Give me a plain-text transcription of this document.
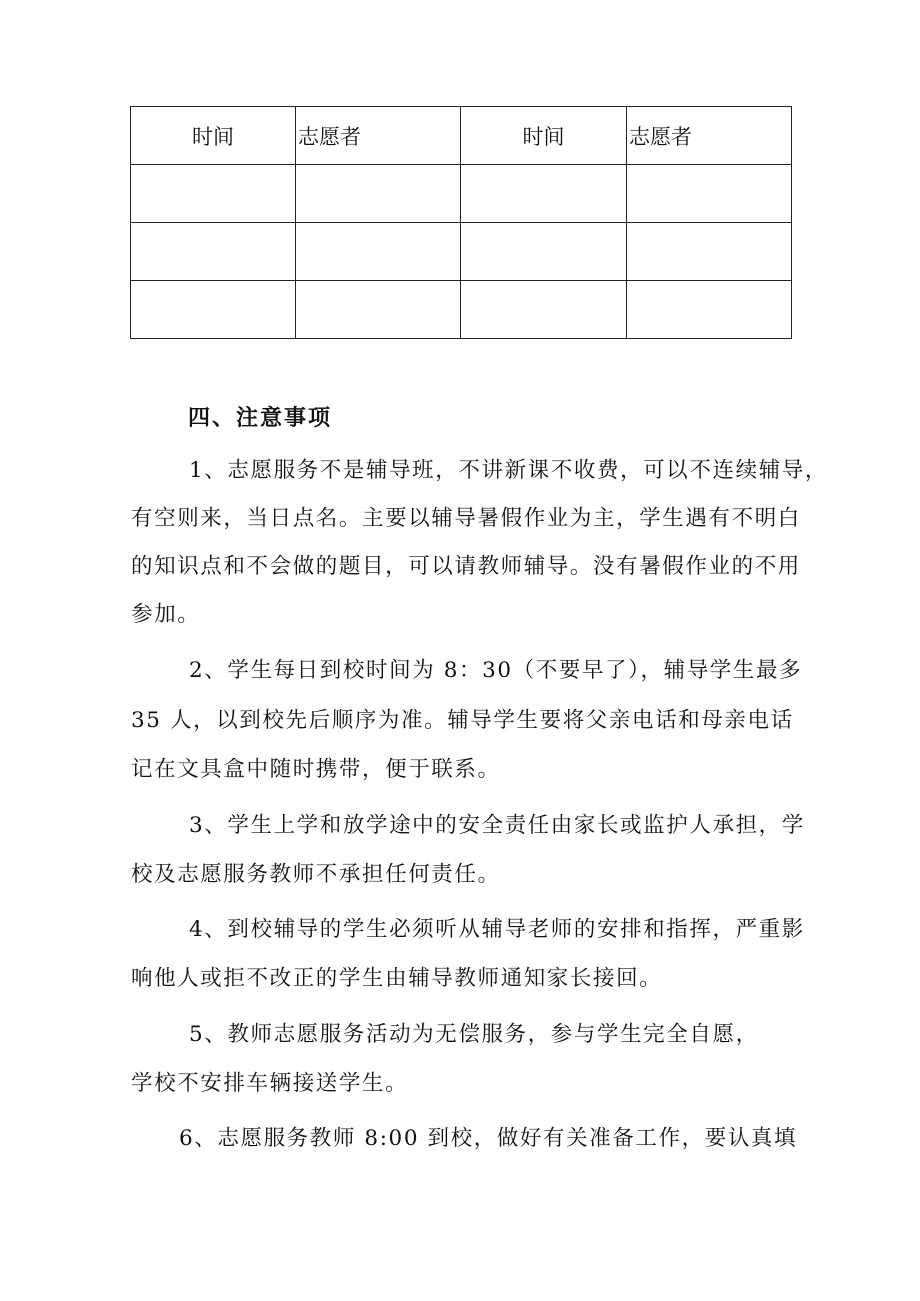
时间	志愿者	时间	志愿者

四、注意事项
1、志愿服务不是辅导班，不讲新课不收费，可以不连续辅导，
有空则来，当日点名。主要以辅导暑假作业为主，学生遇有不明白
的知识点和不会做的题目，可以请教师辅导。没有暑假作业的不用
参加。
2、学生每日到校时间为 8：30（不要早了），辅导学生最多
35 人，以到校先后顺序为准。辅导学生要将父亲电话和母亲电话
记在文具盒中随时携带，便于联系。
3、学生上学和放学途中的安全责任由家长或监护人承担，学
校及志愿服务教师不承担任何责任。
4、到校辅导的学生必须听从辅导老师的安排和指挥，严重影
响他人或拒不改正的学生由辅导教师通知家长接回。
5、教师志愿服务活动为无偿服务，参与学生完全自愿，
学校不安排车辆接送学生。
6、志愿服务教师 8:00 到校，做好有关准备工作，要认真填
